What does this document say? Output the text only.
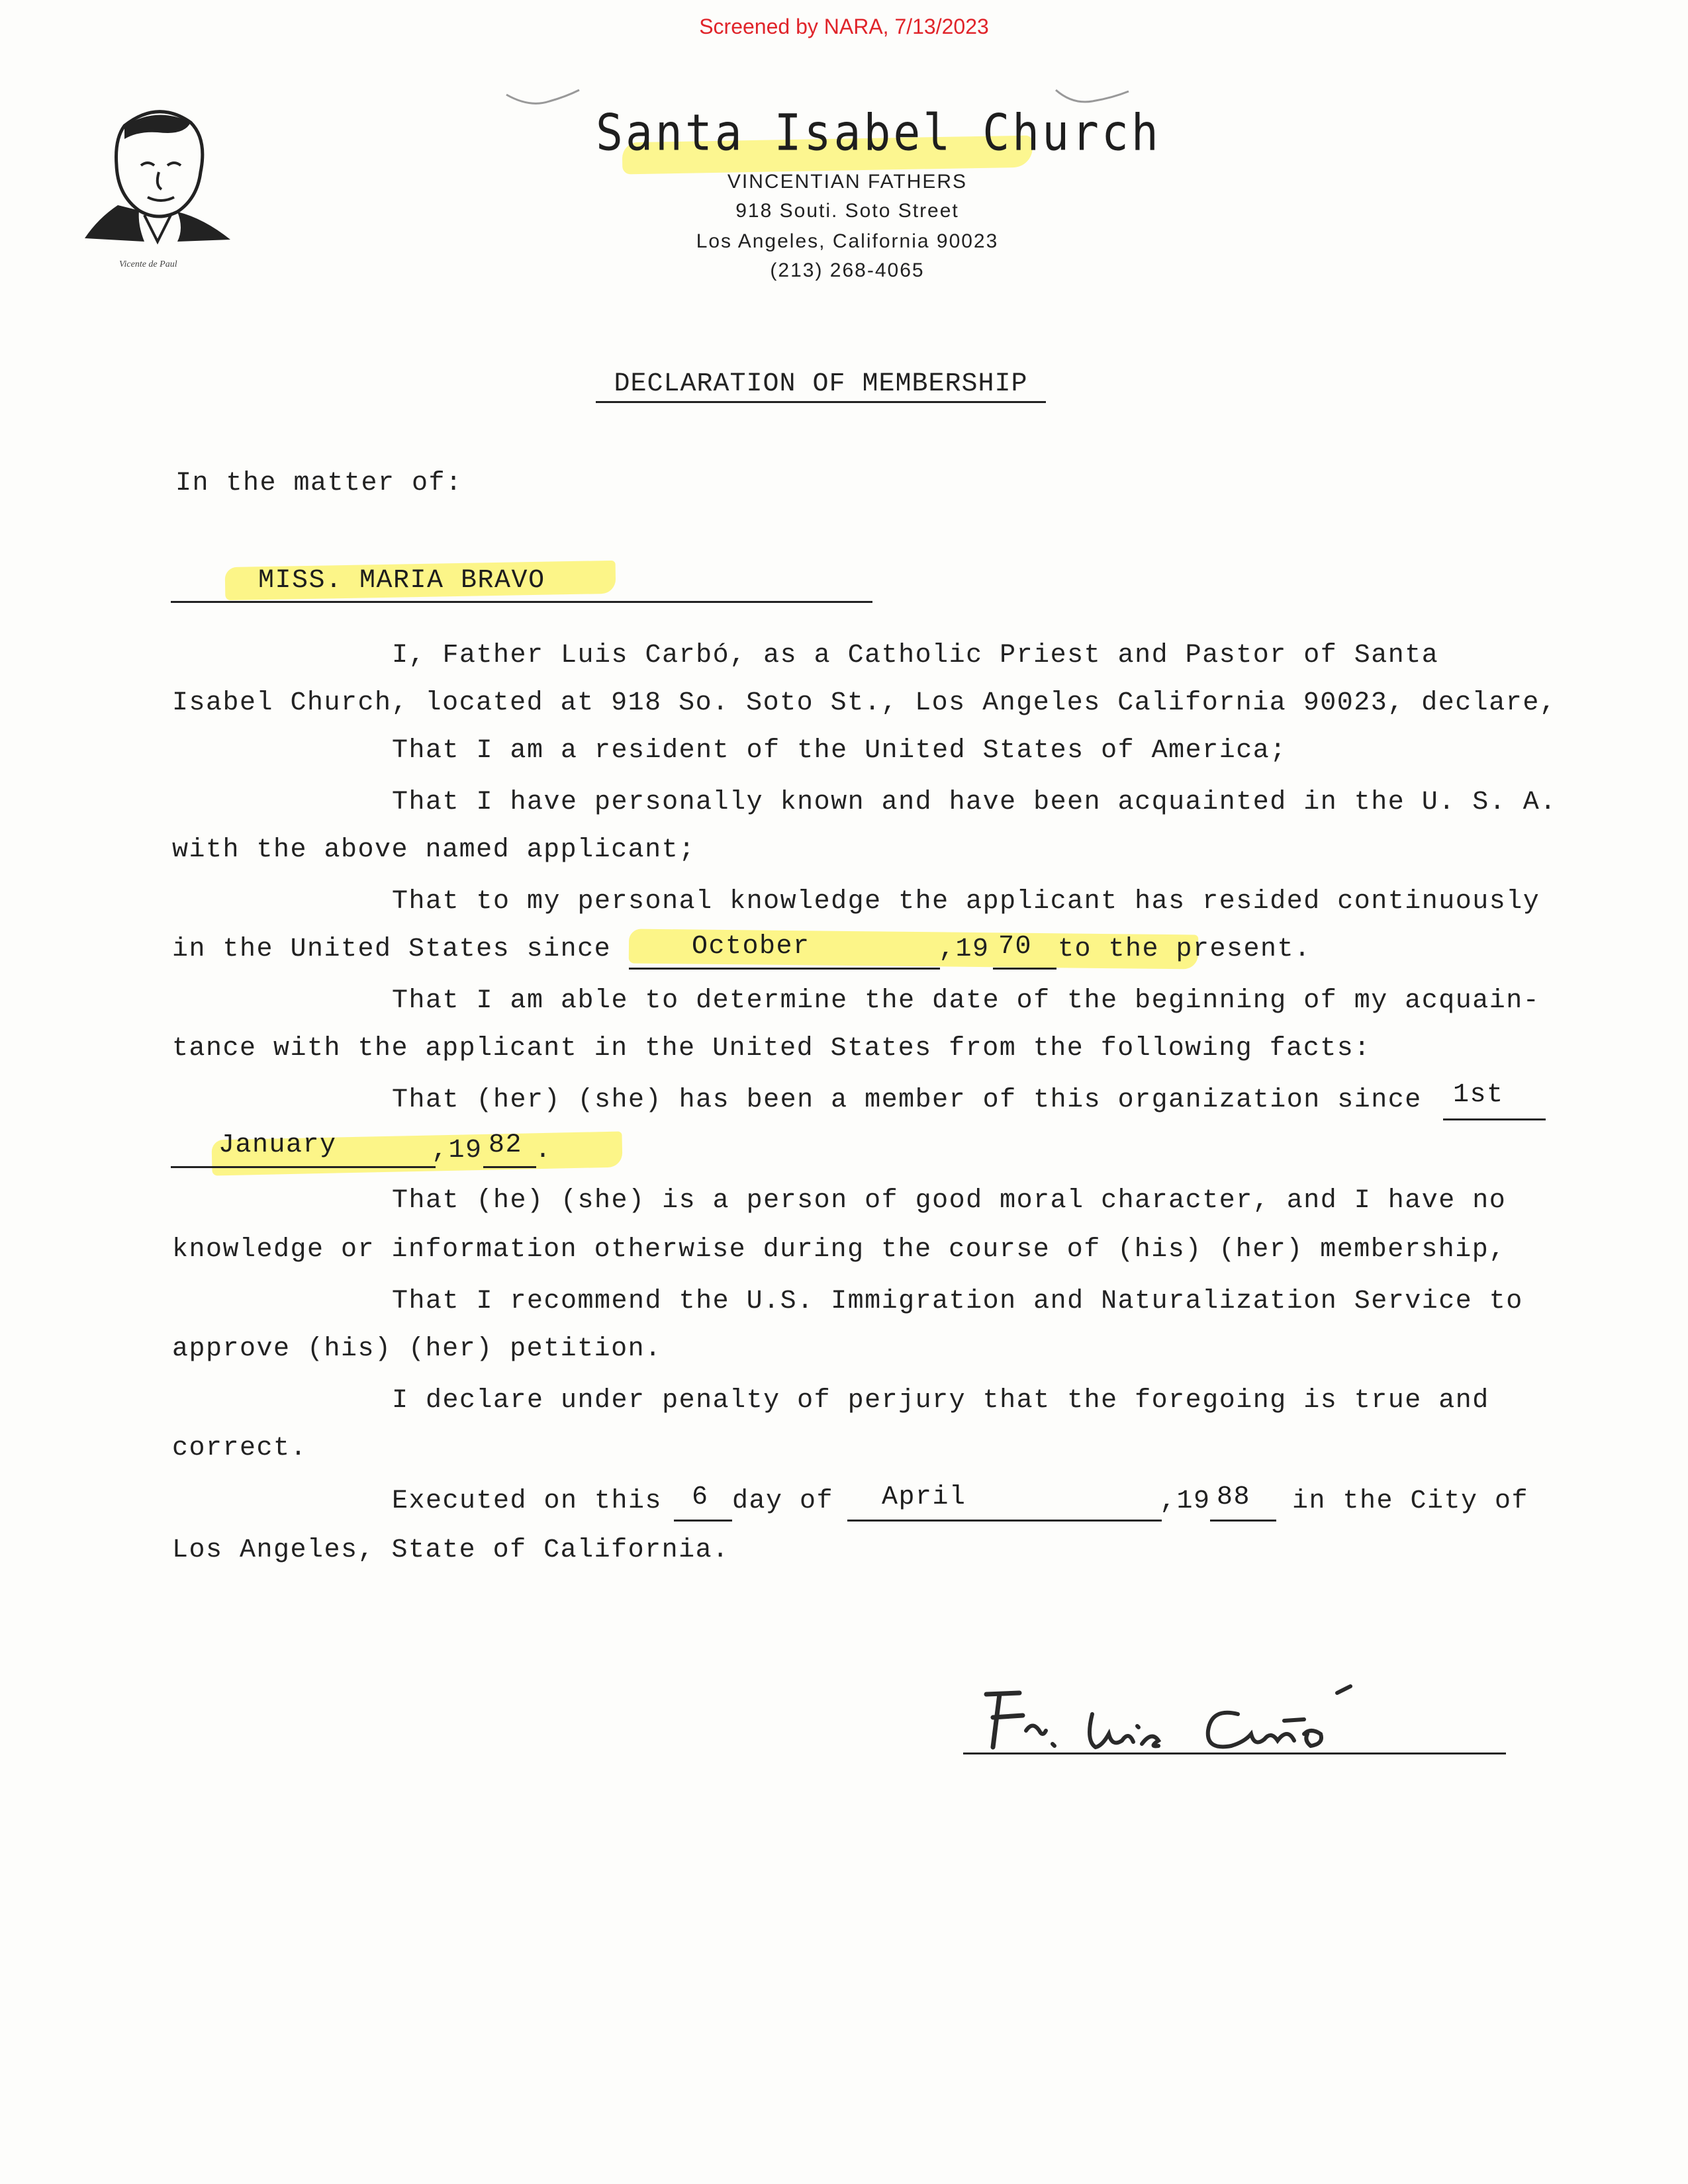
Screened by NARA, 7/13/2023
Vicente de Paul
Santa Isabel Church
VINCENTIAN FATHERS
918 Souti. Soto Street
Los Angeles, California 90023
(213) 268-4065
DECLARATION OF MEMBERSHIP
In the matter of:
MISS. MARIA BRAVO
I, Father Luis Carbó, as a Catholic Priest and Pastor of Santa
Isabel Church, located at 918 So. Soto St., Los Angeles California 90023, declare,
That I am a resident of the United States of America;
That I have personally known and have been acquainted in the U. S. A.
with the above named applicant;
That to my personal knowledge the applicant has resided continuously
in the United States since	October	,19 70 to the present.
That I am able to determine the date of the beginning of my acquain-
tance with the applicant in the United States from the following facts:
That (her) (she) has been a member of this organization since 1st
January	,19 82 .
That (he) (she) is a person of good moral character, and I have no
knowledge or information otherwise during the course of (his) (her) membership,
That I recommend the U.S. Immigration and Naturalization Service to
approve (his) (her) petition.
I declare under penalty of perjury that the foregoing is true and
correct.
Executed on this 6 day of April	,19 88 in the City of
Los Angeles, State of California.
